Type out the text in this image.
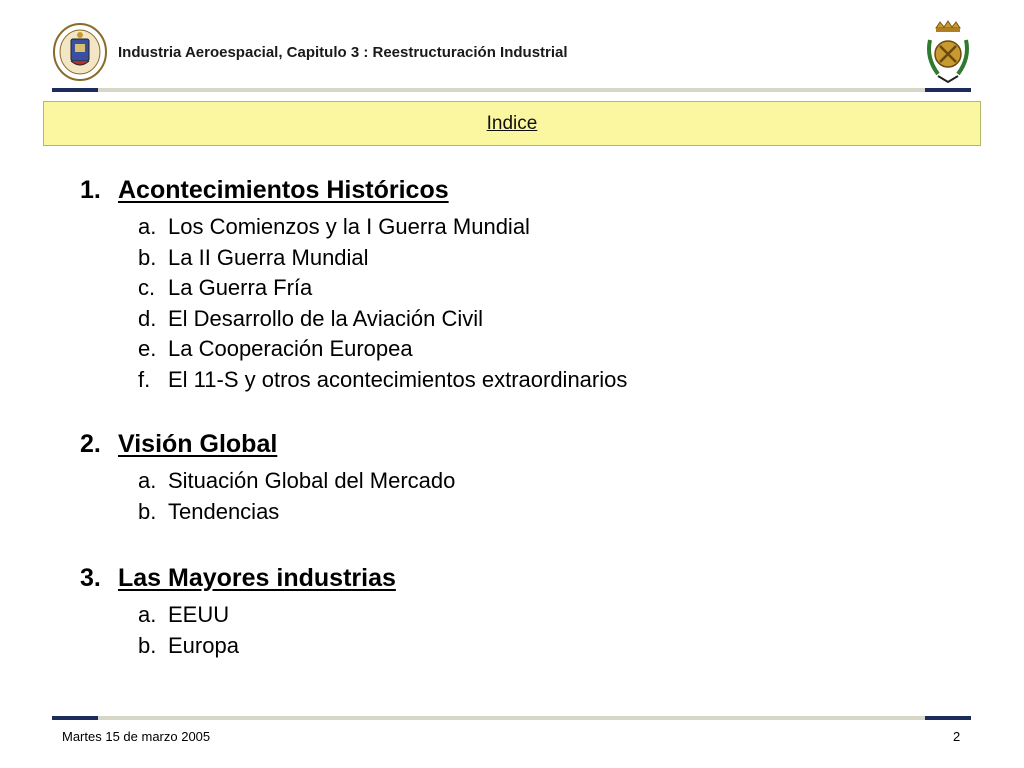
Industria Aeroespacial, Capitulo 3 : Reestructuración Industrial
Indice
1. Acontecimientos Históricos
a. Los Comienzos y la I Guerra Mundial
b. La II Guerra Mundial
c. La Guerra Fría
d. El Desarrollo de la Aviación Civil
e. La Cooperación Europea
f. El 11-S y otros acontecimientos extraordinarios
2. Visión Global
a. Situación Global del Mercado
b. Tendencias
3. Las Mayores industrias
a. EEUU
b. Europa
Martes 15 de marzo 2005	2
